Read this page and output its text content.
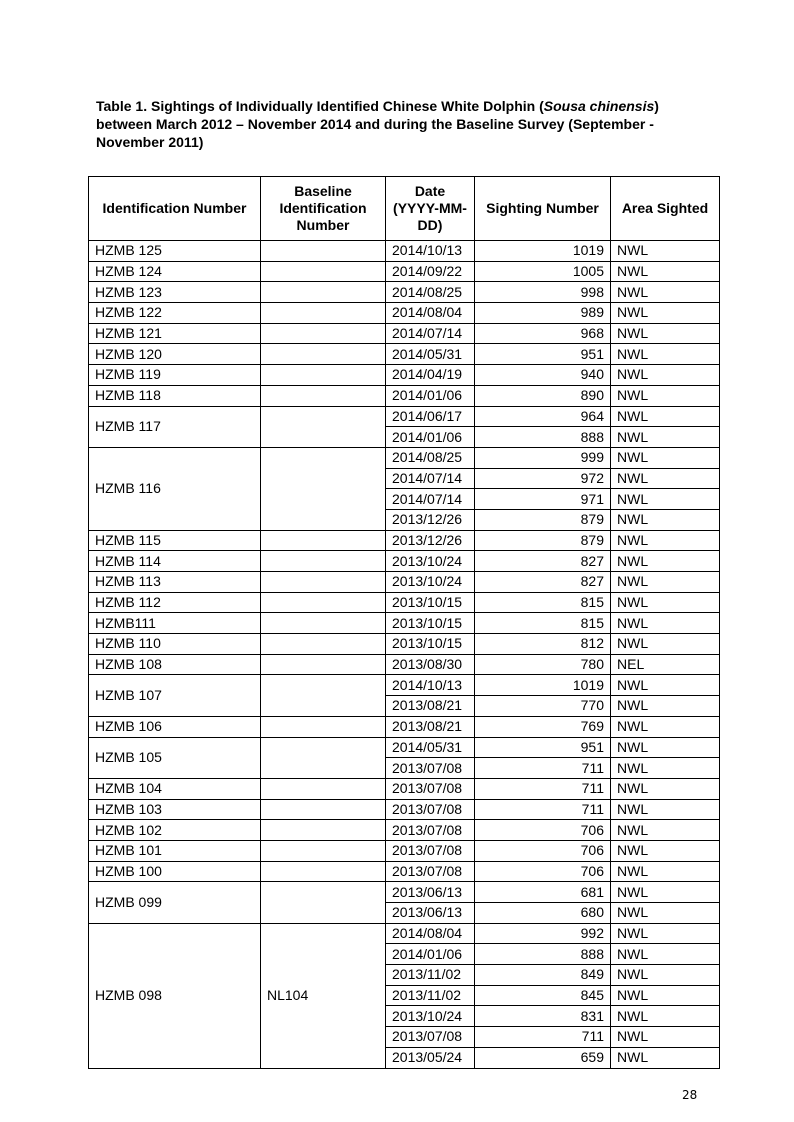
Table 1. Sightings of Individually Identified Chinese White Dolphin (Sousa chinensis) between March 2012 – November 2014 and during the Baseline Survey (September - November 2011)
Identification Number	Baseline Identification Number	Date (YYYY-MM-DD)	Sighting Number	Area Sighted
HZMB 125		2014/10/13	1019	NWL
HZMB 124		2014/09/22	1005	NWL
HZMB 123		2014/08/25	998	NWL
HZMB 122		2014/08/04	989	NWL
HZMB 121		2014/07/14	968	NWL
HZMB 120		2014/05/31	951	NWL
HZMB 119		2014/04/19	940	NWL
HZMB 118		2014/01/06	890	NWL
HZMB 117		2014/06/17	964	NWL
		2014/01/06	888	NWL
HZMB 116		2014/08/25	999	NWL
		2014/07/14	972	NWL
		2014/07/14	971	NWL
		2013/12/26	879	NWL
HZMB 115		2013/12/26	879	NWL
HZMB 114		2013/10/24	827	NWL
HZMB 113		2013/10/24	827	NWL
HZMB 112		2013/10/15	815	NWL
HZMB111		2013/10/15	815	NWL
HZMB 110		2013/10/15	812	NWL
HZMB 108		2013/08/30	780	NEL
HZMB 107		2014/10/13	1019	NWL
		2013/08/21	770	NWL
HZMB 106		2013/08/21	769	NWL
HZMB 105		2014/05/31	951	NWL
		2013/07/08	711	NWL
HZMB 104		2013/07/08	711	NWL
HZMB 103		2013/07/08	711	NWL
HZMB 102		2013/07/08	706	NWL
HZMB 101		2013/07/08	706	NWL
HZMB 100		2013/07/08	706	NWL
HZMB 099		2013/06/13	681	NWL
		2013/06/13	680	NWL
HZMB 098	NL104	2014/08/04	992	NWL
		2014/01/06	888	NWL
		2013/11/02	849	NWL
		2013/11/02	845	NWL
		2013/10/24	831	NWL
		2013/07/08	711	NWL
		2013/05/24	659	NWL
28
